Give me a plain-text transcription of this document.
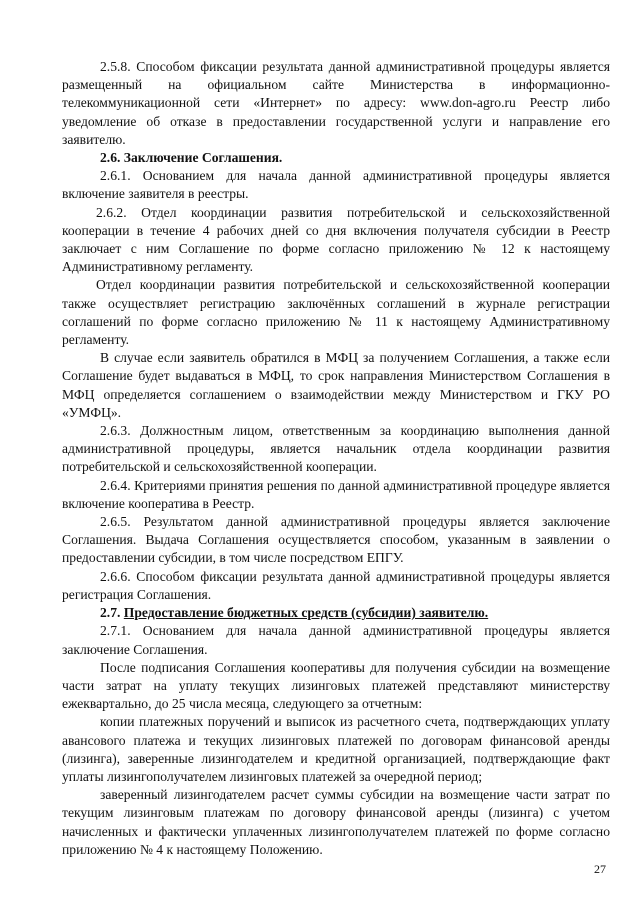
2.5.8. Способом фиксации результата данной административной процедуры является размещенный на официальном сайте Министерства в информационно-телекоммуникационной сети «Интернет» по адресу: www.don-agro.ru Реестр либо уведомление об отказе в предоставлении государственной услуги и направление его заявителю.

2.6. Заключение Соглашения.

2.6.1. Основанием для начала данной административной процедуры является включение заявителя в реестры.

2.6.2. Отдел координации развития потребительской и сельскохозяйственной кооперации в течение 4 рабочих дней со дня включения получателя субсидии в Реестр заключает с ним Соглашение по форме согласно приложению № 12 к настоящему Административному регламенту.

Отдел координации развития потребительской и сельскохозяйственной кооперации также осуществляет регистрацию заключённых соглашений в журнале регистрации соглашений по форме согласно приложению № 11 к настоящему Административному регламенту.

В случае если заявитель обратился в МФЦ за получением Соглашения, а также если Соглашение будет выдаваться в МФЦ, то срок направления Министерством Соглашения в МФЦ определяется соглашением о взаимодействии между Министерством и ГКУ РО «УМФЦ».

2.6.3. Должностным лицом, ответственным за координацию выполнения данной административной процедуры, является начальник отдела координации развития потребительской и сельскохозяйственной кооперации.

2.6.4. Критериями принятия решения по данной административной процедуре является включение кооператива в Реестр.

2.6.5. Результатом данной административной процедуры является заключение Соглашения. Выдача Соглашения осуществляется способом, указанным в заявлении о предоставлении субсидии, в том числе посредством ЕПГУ.

2.6.6. Способом фиксации результата данной административной процедуры является регистрация Соглашения.

2.7. Предоставление бюджетных средств (субсидии) заявителю.

2.7.1. Основанием для начала данной административной процедуры является заключение Соглашения.

После подписания Соглашения кооперативы для получения субсидии на возмещение части затрат на уплату текущих лизинговых платежей представляют министерству ежеквартально, до 25 числа месяца, следующего за отчетным:

копии платежных поручений и выписок из расчетного счета, подтверждающих уплату авансового платежа и текущих лизинговых платежей по договорам финансовой аренды (лизинга), заверенные лизингодателем и кредитной организацией, подтверждающие факт уплаты лизингополучателем лизинговых платежей за очередной период;

заверенный лизингодателем расчет суммы субсидии на возмещение части затрат по текущим лизинговым платежам по договору финансовой аренды (лизинга) с учетом начисленных и фактически уплаченных лизингополучателем платежей по форме согласно приложению № 4 к настоящему Положению.

27
